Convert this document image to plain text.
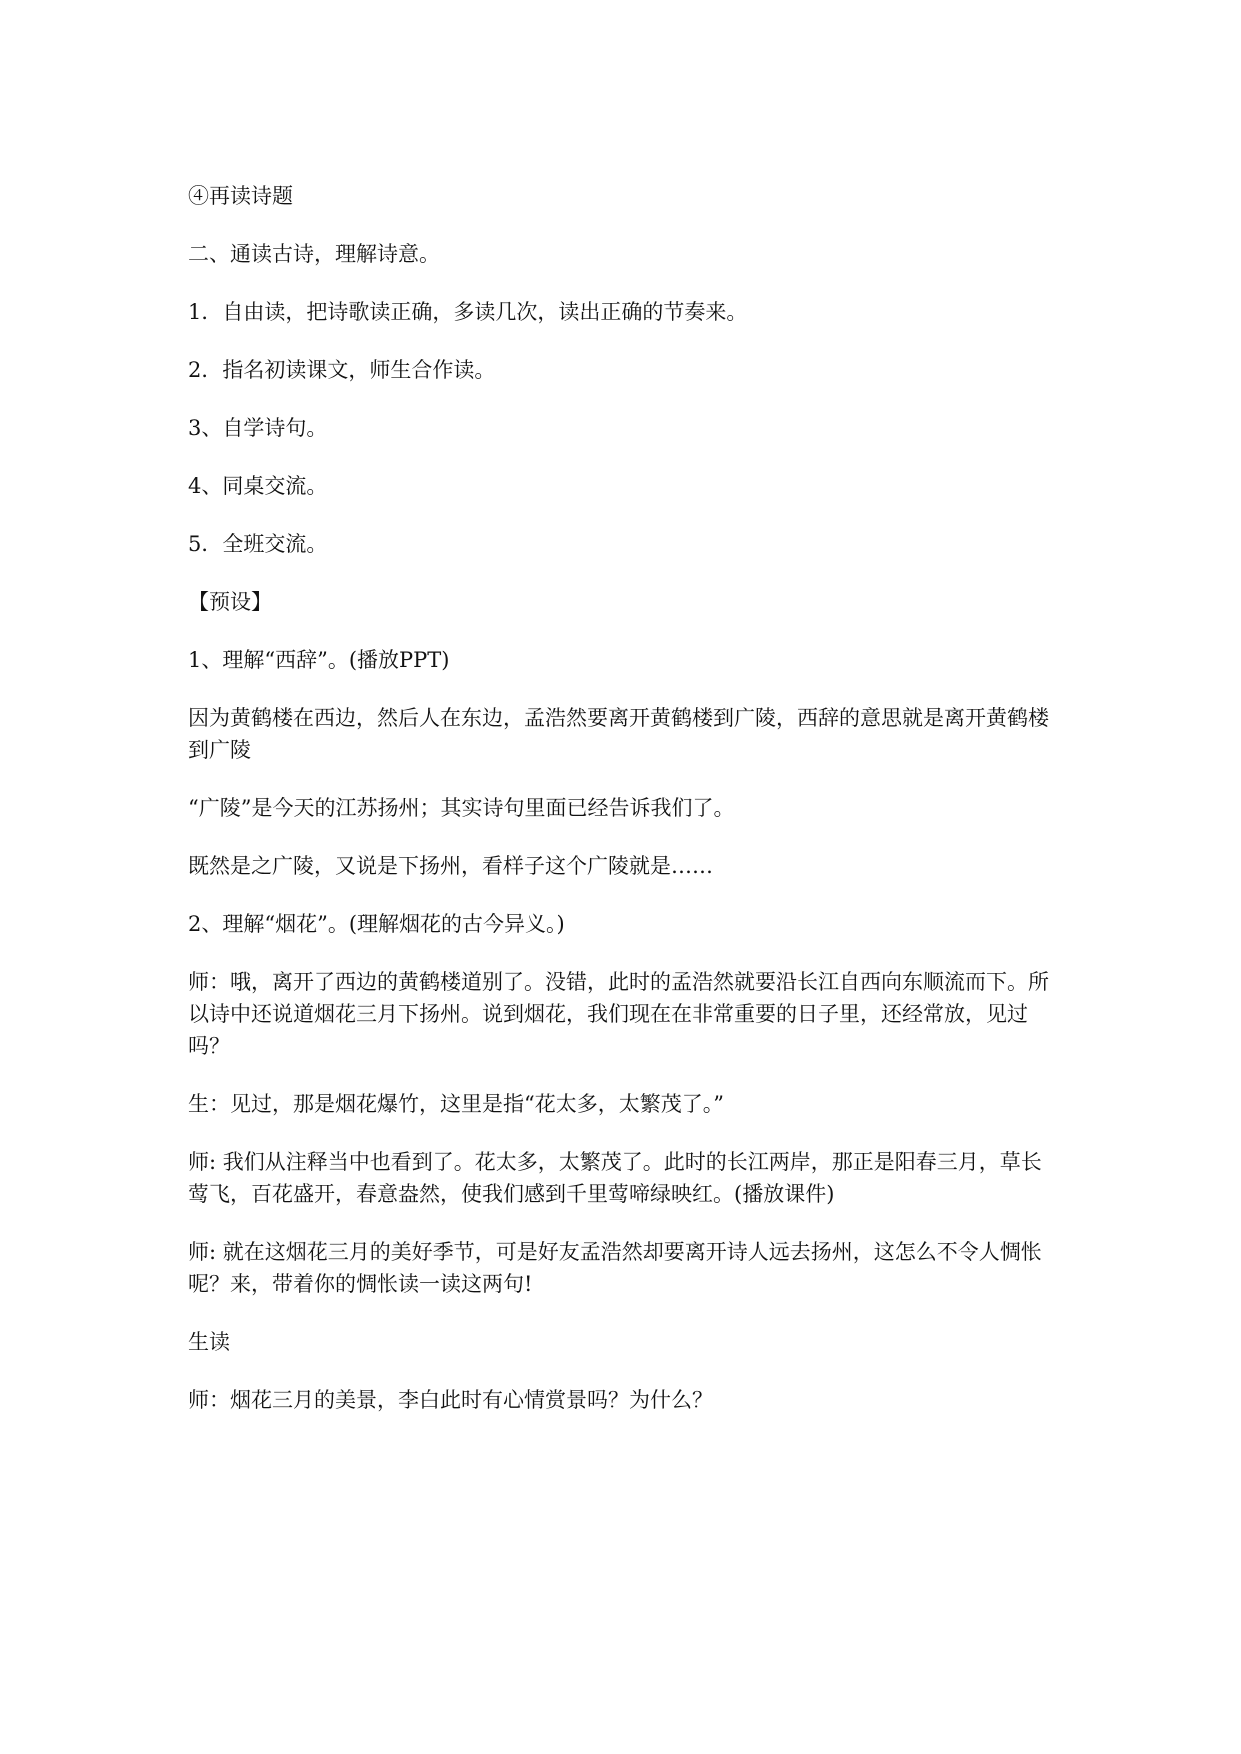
④再读诗题

二、通读古诗，理解诗意。

1．自由读，把诗歌读正确，多读几次，读出正确的节奏来。

2．指名初读课文，师生合作读。

3、自学诗句。

4、同桌交流。

5．全班交流。

【预设】

1、理解“西辞”。(播放PPT)

因为黄鹤楼在西边，然后人在东边，孟浩然要离开黄鹤楼到广陵，西辞的意思就是离开黄鹤楼到广陵

“广陵”是今天的江苏扬州；其实诗句里面已经告诉我们了。

既然是之广陵，又说是下扬州，看样子这个广陵就是……

2、理解“烟花”。(理解烟花的古今异义。)

师：哦，离开了西边的黄鹤楼道别了。没错，此时的孟浩然就要沿长江自西向东顺流而下。所以诗中还说道烟花三月下扬州。说到烟花，我们现在在非常重要的日子里，还经常放，见过吗？

生：见过，那是烟花爆竹，这里是指“花太多，太繁茂了。”

师: 我们从注释当中也看到了。花太多，太繁茂了。此时的长江两岸，那正是阳春三月，草长莺飞，百花盛开，春意盎然，使我们感到千里莺啼绿映红。(播放课件)

师: 就在这烟花三月的美好季节，可是好友孟浩然却要离开诗人远去扬州，这怎么不令人惆怅呢？来，带着你的惆怅读一读这两句!

生读

师：烟花三月的美景，李白此时有心情赏景吗？为什么？
